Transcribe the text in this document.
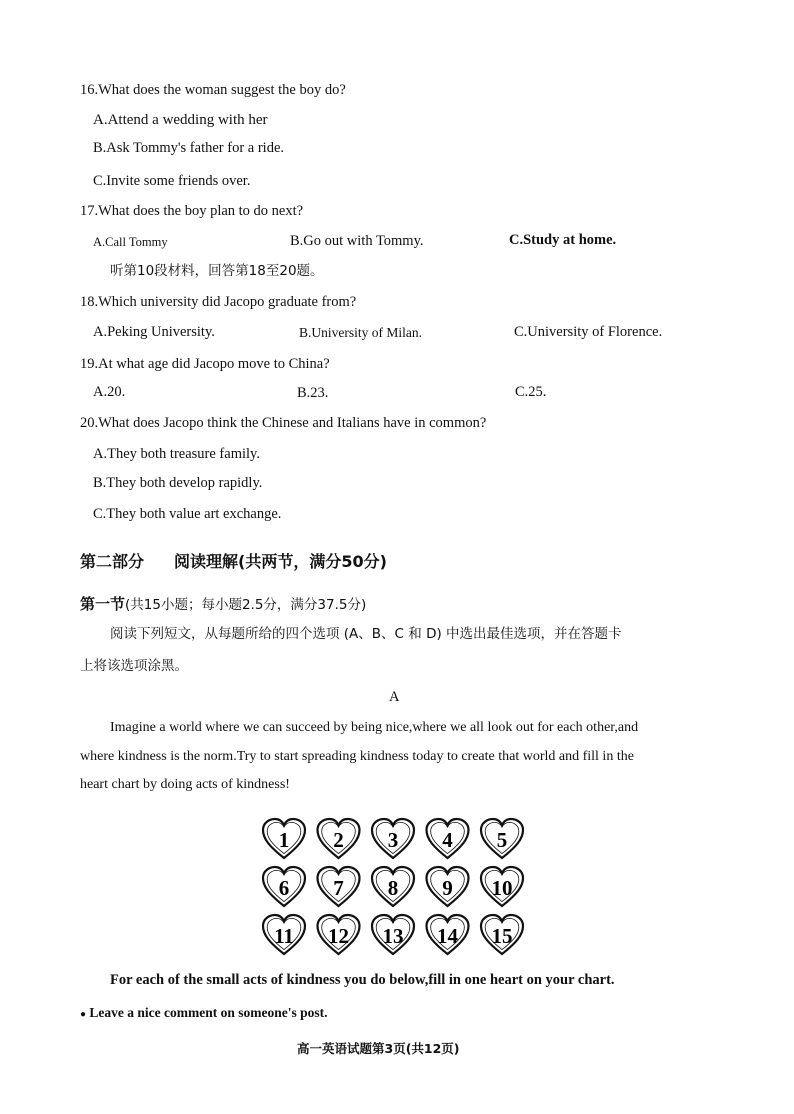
16.What does the woman suggest the boy do?
A.Attend a wedding with her
B.Ask Tommy's father for a ride.
C.Invite some friends over.
17.What does the boy plan to do next?
A.Call Tommy	B.Go out with Tommy.	C.Study at home.
听第10段材料，回答第18至20题。
18.Which university did Jacopo graduate from?
A.Peking University.	B.University of Milan.	C.University of Florence.
19.At what age did Jacopo move to China?
A.20.	B.23.	C.25.
20.What does Jacopo think the Chinese and Italians have in common?
A.They both treasure family.
B.They both develop rapidly.
C.They both value art exchange.
第二部分 阅读理解(共两节，满分50分)
第一节(共15小题；每小题2.5分，满分37.5分)
阅读下列短文，从每题所给的四个选项 (A、B、C 和 D) 中选出最佳选项，并在答题卡
上将该选项涂黑。
A
Imagine a world where we can succeed by being nice,where we all look out for each other,and
where kindness is the norm.Try to start spreading kindness today to create that world and fill in the
heart chart by doing acts of kindness!
1 2 3 4 5
6 7 8 9 10
11 12 13 14 15
For each of the small acts of kindness you do below,fill in one heart on your chart.
● Leave a nice comment on someone's post.
高一英语试题第3页(共12页)
